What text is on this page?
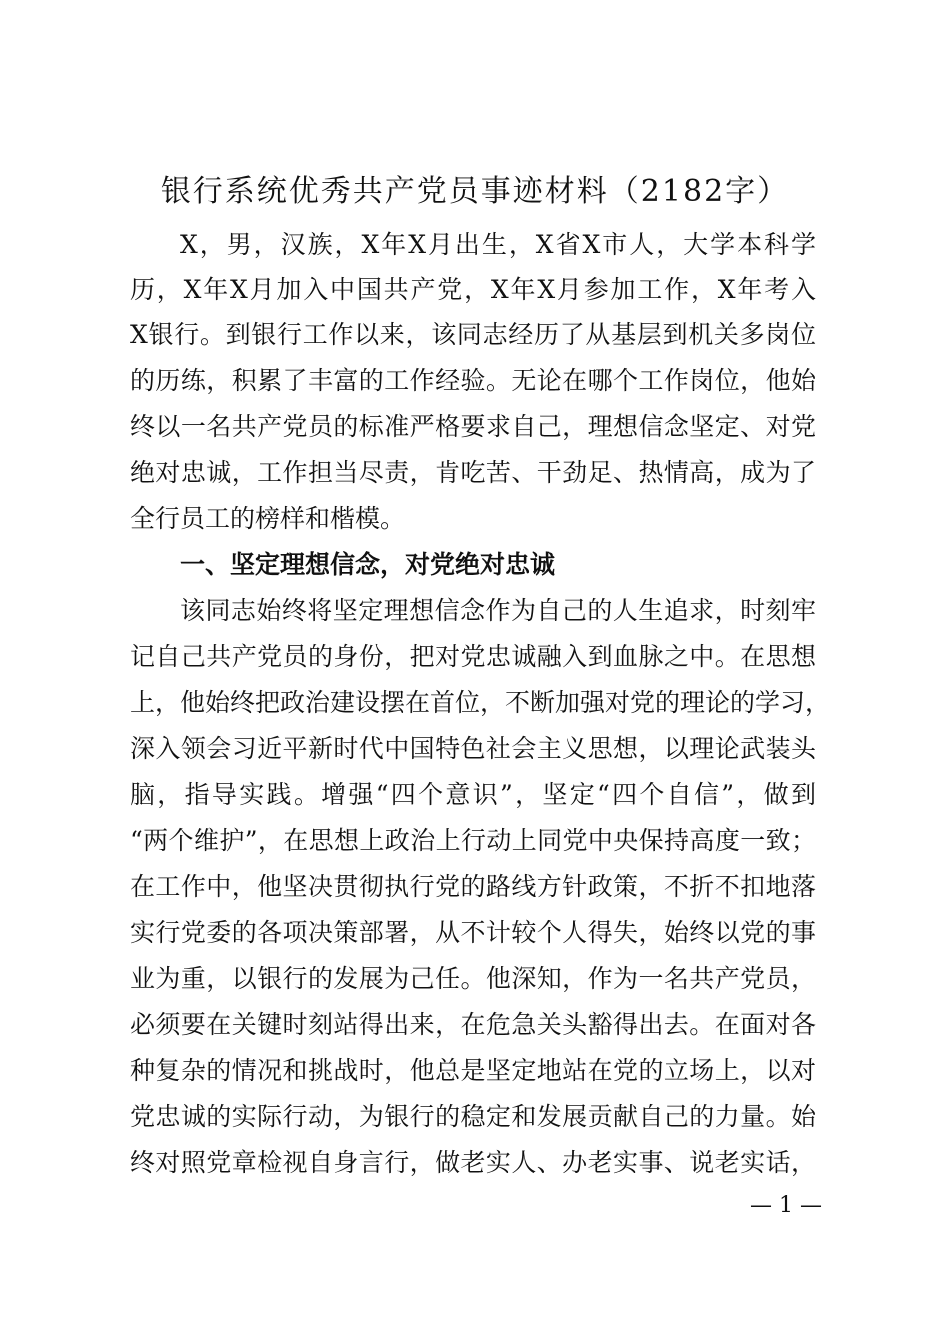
银行系统优秀共产党员事迹材料（2182字）
X，男，汉族，X年X月出生，X省X市人，大学本科学
历，X年X月加入中国共产党，X年X月参加工作，X年考入
X银行。到银行工作以来，该同志经历了从基层到机关多岗位
的历练，积累了丰富的工作经验。无论在哪个工作岗位，他始
终以一名共产党员的标准严格要求自己，理想信念坚定、对党
绝对忠诚，工作担当尽责，肯吃苦、干劲足、热情高，成为了
全行员工的榜样和楷模。
一、坚定理想信念，对党绝对忠诚
该同志始终将坚定理想信念作为自己的人生追求，时刻牢
记自己共产党员的身份，把对党忠诚融入到血脉之中。在思想
上，他始终把政治建设摆在首位，不断加强对党的理论的学习，
深入领会习近平新时代中国特色社会主义思想，以理论武装头
脑，指导实践。增强“四个意识”，坚定“四个自信”，做到
“两个维护”，在思想上政治上行动上同党中央保持高度一致；
在工作中，他坚决贯彻执行党的路线方针政策，不折不扣地落
实行党委的各项决策部署，从不计较个人得失，始终以党的事
业为重，以银行的发展为己任。他深知，作为一名共产党员，
必须要在关键时刻站得出来，在危急关头豁得出去。在面对各
种复杂的情况和挑战时，他总是坚定地站在党的立场上，以对
党忠诚的实际行动，为银行的稳定和发展贡献自己的力量。始
终对照党章检视自身言行，做老实人、办老实事、说老实话，
— 1 —
